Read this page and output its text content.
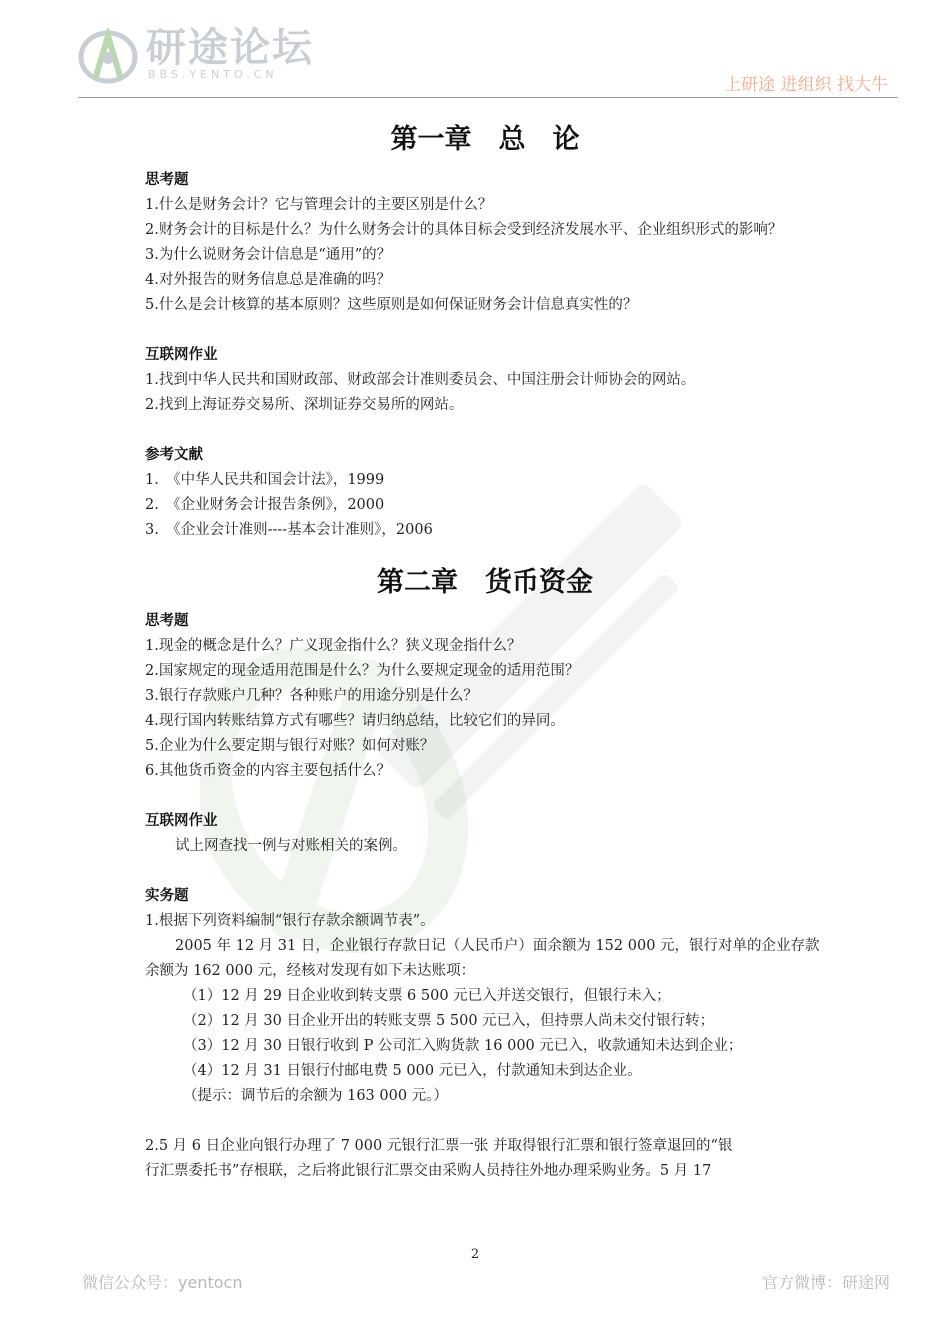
研途论坛
BBS.YENTO.CN
上研途 进组织 找大牛
第一章　总　论

思考题

1.什么是财务会计？它与管理会计的主要区别是什么？

2.财务会计的目标是什么？为什么财务会计的具体目标会受到经济发展水平、企业组织形式的影响？

3.为什么说财务会计信息是“通用”的？

4.对外报告的财务信息总是准确的吗？

5.什么是会计核算的基本原则？这些原则是如何保证财务会计信息真实性的？

互联网作业

1.找到中华人民共和国财政部、财政部会计准则委员会、中国注册会计师协会的网站。

2.找到上海证券交易所、深圳证券交易所的网站。

参考文献

1.　《中华人民共和国会计法》，1999

2.　《企业财务会计报告条例》，2000

3.　《企业会计准则----基本会计准则》，2006

第二章　货币资金

思考题

1.现金的概念是什么？广义现金指什么？狭义现金指什么？

2.国家规定的现金适用范围是什么？为什么要规定现金的适用范围？

3.银行存款账户几种？各种账户的用途分别是什么？

4.现行国内转账结算方式有哪些？请归纳总结，比较它们的异同。

5.企业为什么要定期与银行对账？如何对账？

6.其他货币资金的内容主要包括什么？

互联网作业

试上网查找一例与对账相关的案例。

实务题

1.根据下列资料编制“银行存款余额调节表”。

2005 年 12 月 31 日，企业银行存款日记（人民币户）面余额为 152 000 元，银行对单的企业存款余额为 162 000 元，经核对发现有如下未达账项：

（1）12 月 29 日企业收到转支票 6 500 元已入并送交银行，但银行未入；

（2）12 月 30 日企业开出的转账支票 5 500 元已入，但持票人尚未交付银行转；

（3）12 月 30 日银行收到 P 公司汇入购货款 16 000 元已入，收款通知未达到企业；

（4）12 月 31 日银行付邮电费 5 000 元已入，付款通知未到达企业。

（提示：调节后的余额为 163 000 元。）

2.5 月 6 日企业向银行办理了 7 000 元银行汇票一张 并取得银行汇票和银行签章退回的“银

行汇票委托书”存根联，之后将此银行汇票交由采购人员持往外地办理采购业务。5 月 17

2
微信公众号：yentocn	官方微博：研途网
